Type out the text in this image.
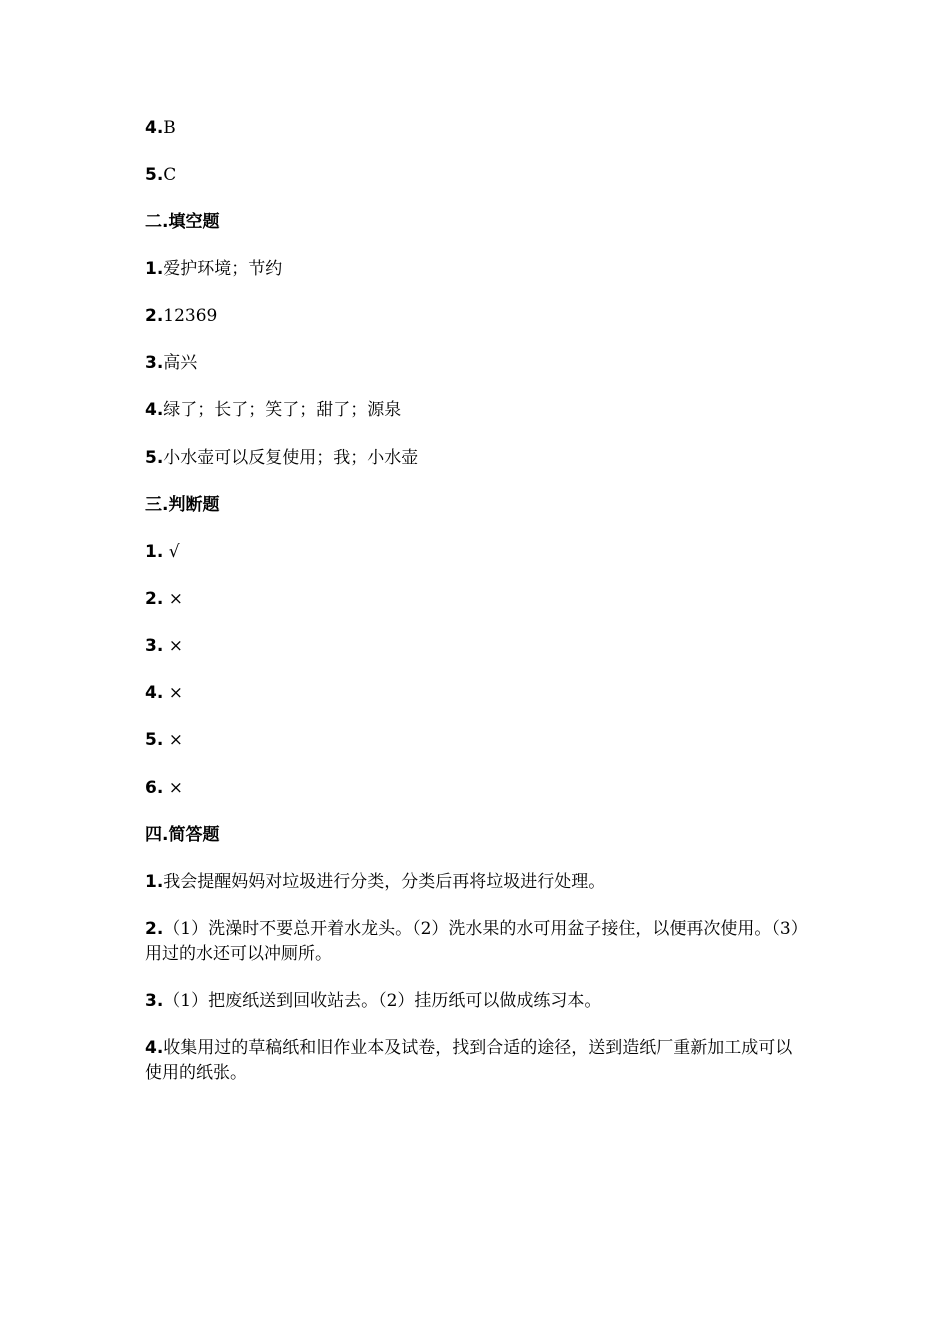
4.B
5.C
二.填空题
1.爱护环境；节约
2.12369
3.高兴
4.绿了；长了；笑了；甜了；源泉
5.小水壶可以反复使用；我；小水壶
三.判断题
1. √
2. ×
3. ×
4. ×
5. ×
6. ×
四.简答题
1.我会提醒妈妈对垃圾进行分类，分类后再将垃圾进行处理。
2.（1）洗澡时不要总开着水龙头。（2）洗水果的水可用盆子接住，以便再次使用。（3）用过的水还可以冲厕所。
3.（1）把废纸送到回收站去。（2）挂历纸可以做成练习本。
4.收集用过的草稿纸和旧作业本及试卷，找到合适的途径，送到造纸厂重新加工成可以使用的纸张。
